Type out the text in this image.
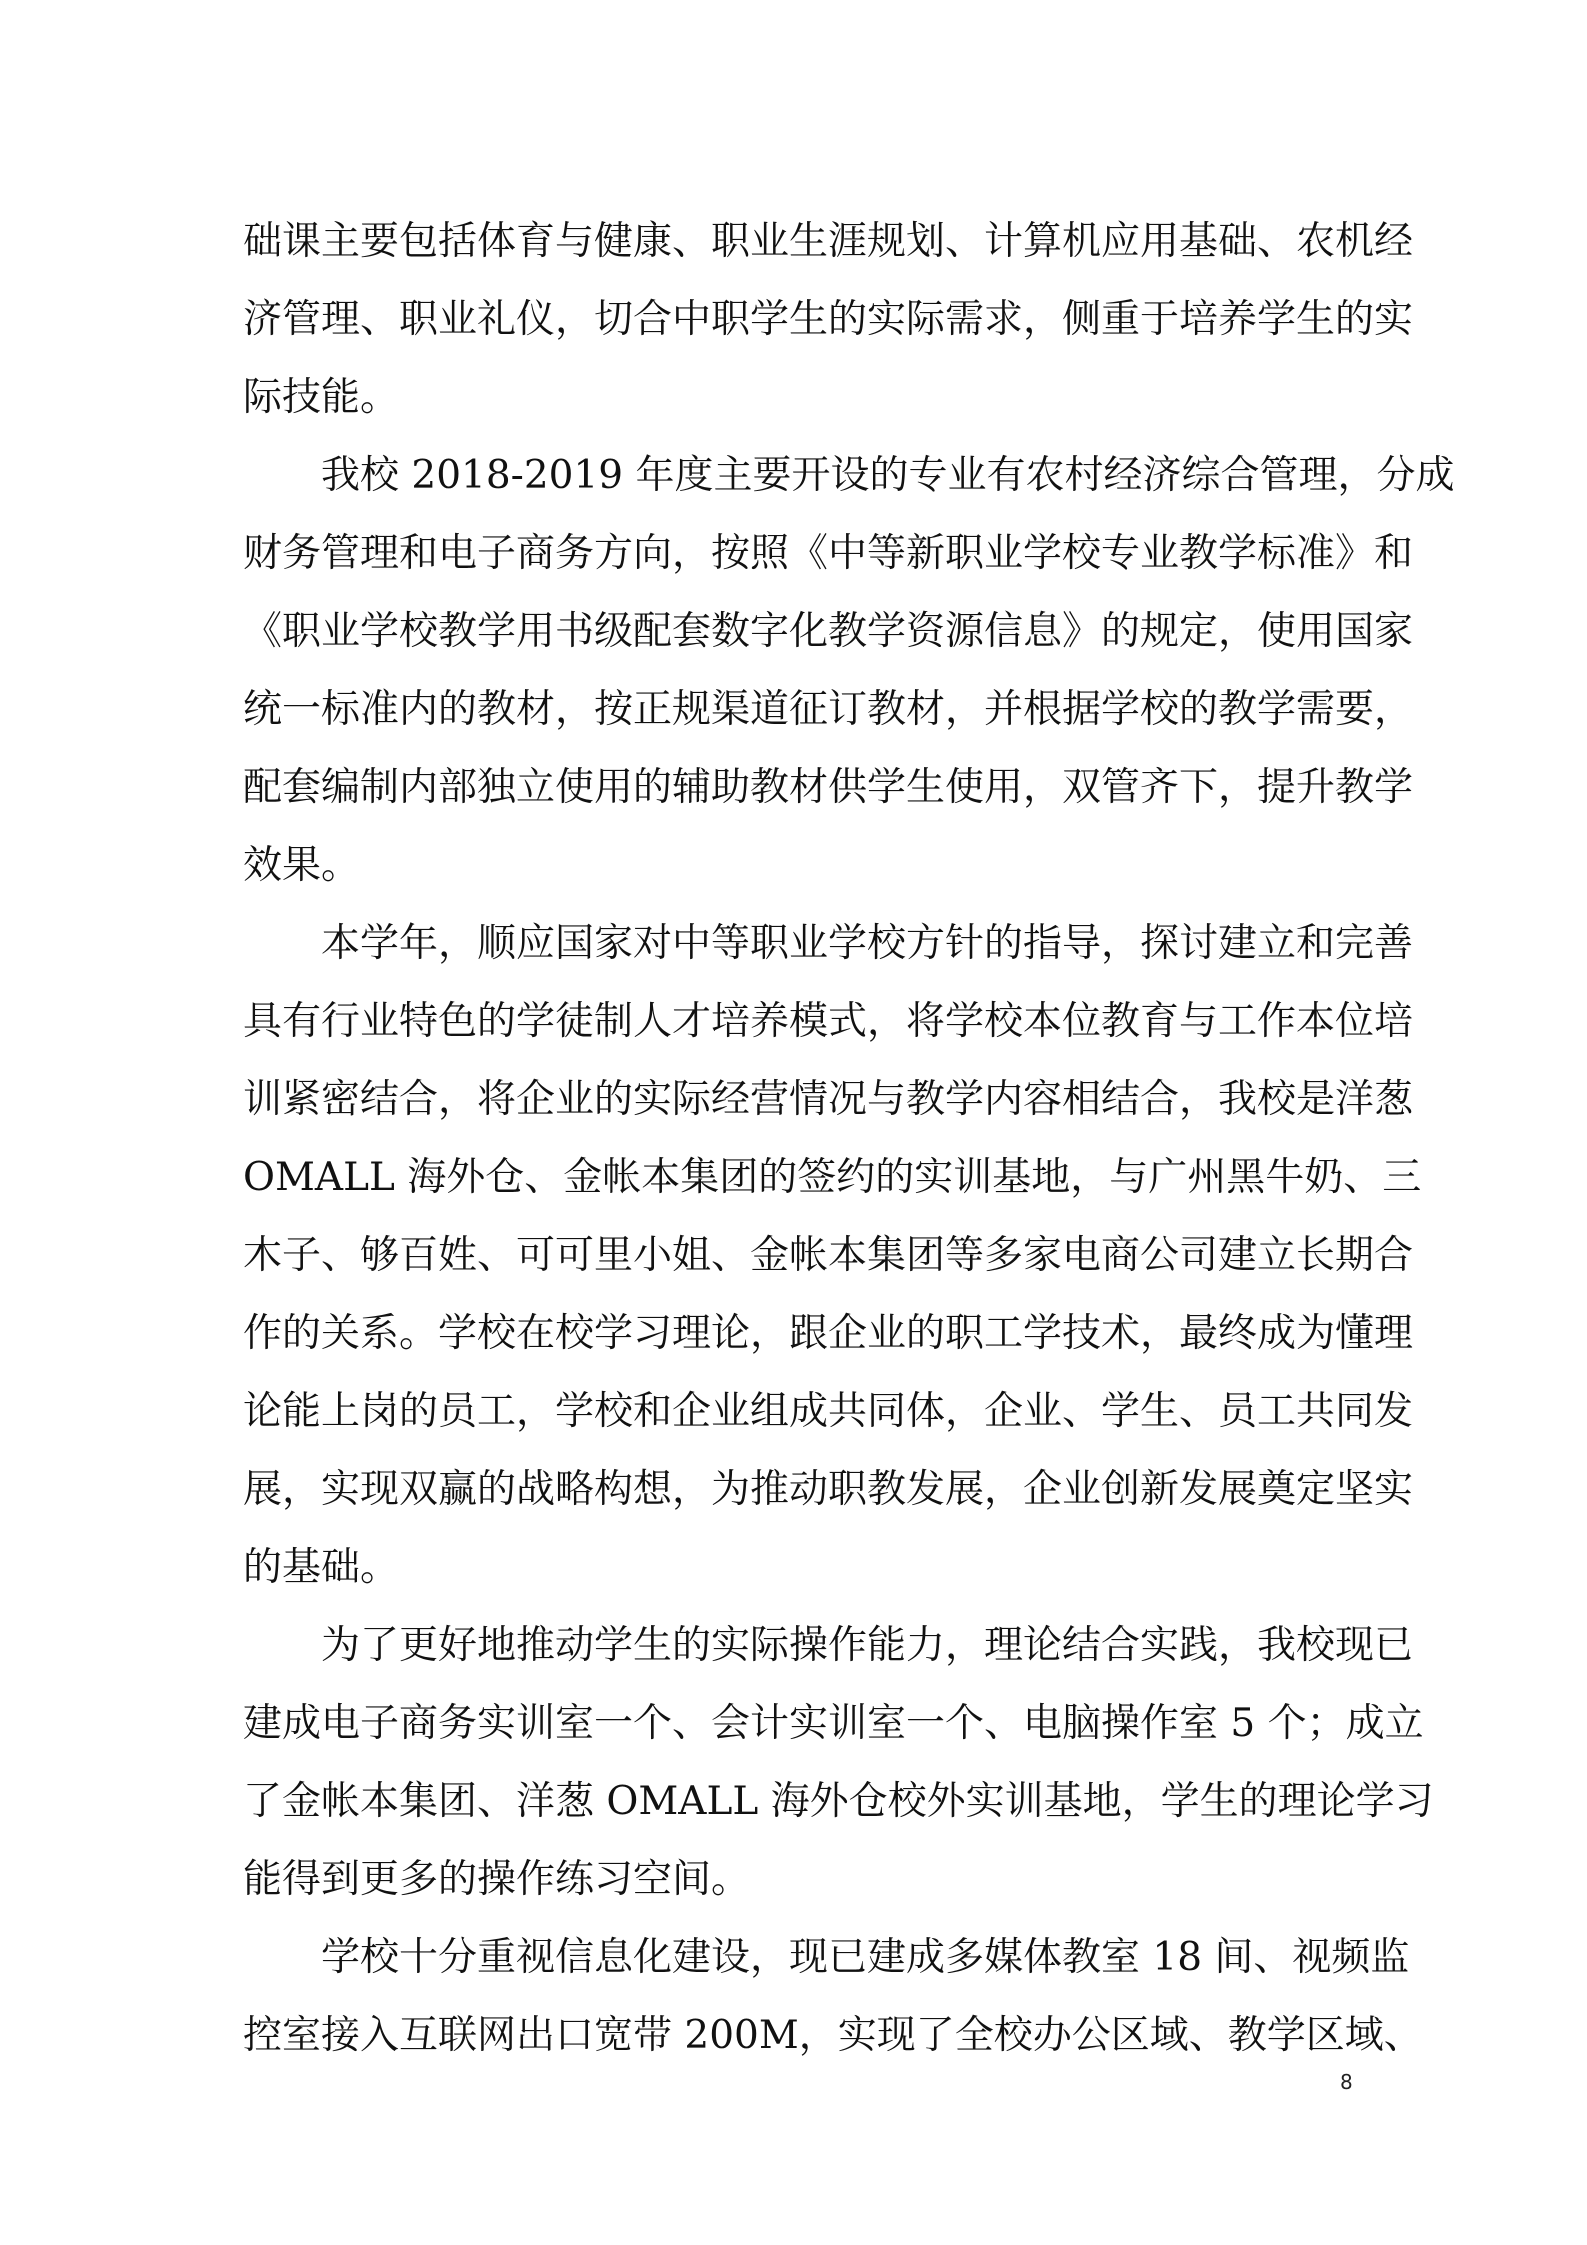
础课主要包括体育与健康、职业生涯规划、计算机应用基础、农机经
济管理、职业礼仪，切合中职学生的实际需求，侧重于培养学生的实
际技能。
　　我校 2018-2019 年度主要开设的专业有农村经济综合管理，分成
财务管理和电子商务方向，按照《中等新职业学校专业教学标准》和
《职业学校教学用书级配套数字化教学资源信息》的规定，使用国家
统一标准内的教材，按正规渠道征订教材，并根据学校的教学需要，
配套编制内部独立使用的辅助教材供学生使用，双管齐下，提升教学
效果。
　　本学年，顺应国家对中等职业学校方针的指导，探讨建立和完善
具有行业特色的学徒制人才培养模式，将学校本位教育与工作本位培
训紧密结合，将企业的实际经营情况与教学内容相结合，我校是洋葱
OMALL 海外仓、金帐本集团的签约的实训基地，与广州黑牛奶、三
木子、够百姓、可可里小姐、金帐本集团等多家电商公司建立长期合
作的关系。学校在校学习理论，跟企业的职工学技术，最终成为懂理
论能上岗的员工，学校和企业组成共同体，企业、学生、员工共同发
展，实现双赢的战略构想，为推动职教发展，企业创新发展奠定坚实
的基础。
　　为了更好地推动学生的实际操作能力，理论结合实践，我校现已
建成电子商务实训室一个、会计实训室一个、电脑操作室 5 个；成立
了金帐本集团、洋葱 OMALL 海外仓校外实训基地，学生的理论学习
能得到更多的操作练习空间。
　　学校十分重视信息化建设，现已建成多媒体教室 18 间、视频监
控室接入互联网出口宽带 200M，实现了全校办公区域、教学区域、
8
